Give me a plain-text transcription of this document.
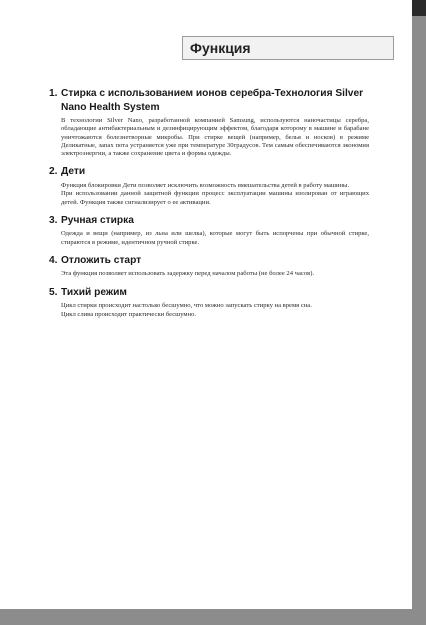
Функция
1. Стирка с использованием ионов серебра-Технология Silver Nano Health System

В технологии Silver Nano, разработанной компанией Samsung, используются наночастицы серебра, обладающие антибактериальным и дезинфицирующим эффектом, благодаря которому в машине и барабане уничтожаются болезнетворные микробы. При стирке вещей (например, белья и носков) в режиме Деликатные, запах пота устраняется уже при температуре 30градусов. Тем самым обеспечиваются экономия электроэнергии, а также сохранение цвета и формы одежды.

2. Дети

Функция блокировки Дети позволяет исключить возможность вмешательства детей в работу машины.

При использовании данной защитной функции процесс эксплуатации машины изолирован от играющих детей. Функция также сигнализирует о ее активации.

3. Ручная стирка

Одежда и вещи (например, из льна или шелка), которые могут быть испорчены при обычной стирке, стираются в режиме, идентичном ручной стирке.

4. Отложить старт

Эта функция позволяет использовать задержку перед началом работы (не более 24 часов).

5. Тихий режим

Цикл стирки происходит настолько бесшумно, что можно запускать стирку на время сна.

Цикл слива происходит практически бесшумно.
